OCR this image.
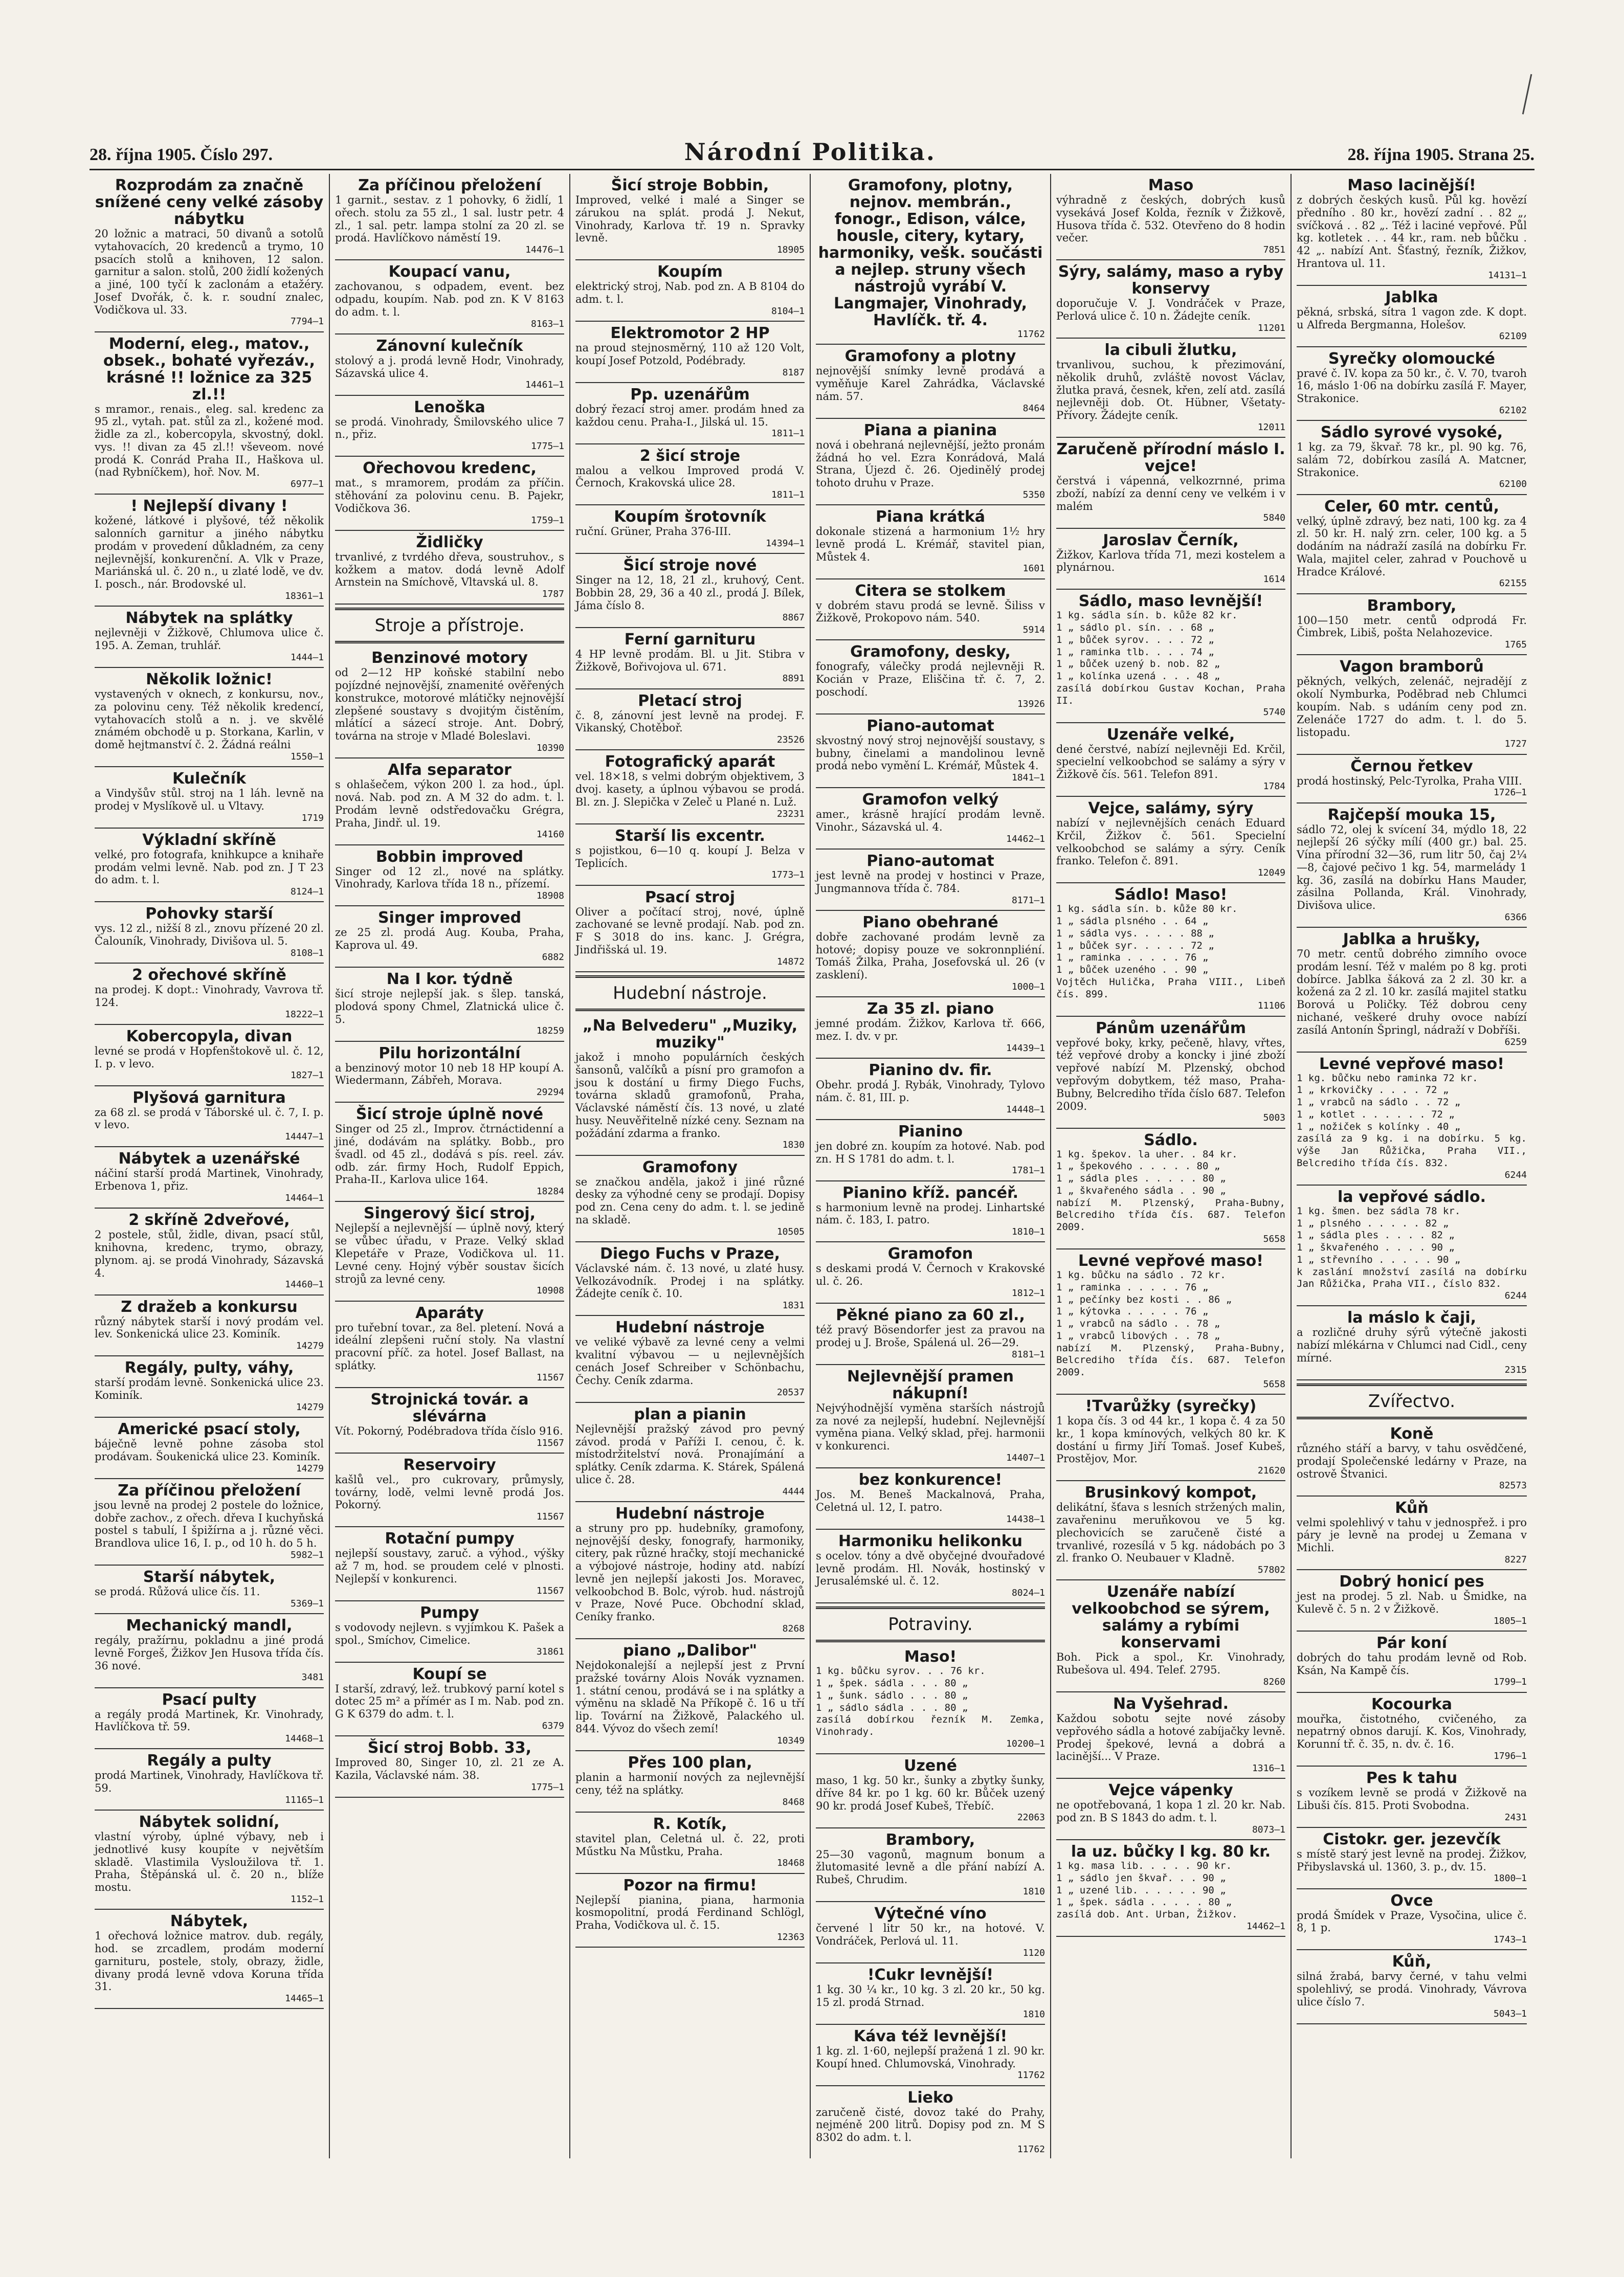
28. října 1905. Číslo 297.	Národní Politika.	28. října 1905. Strana 25.
Rozprodám za značně snížené ceny velké zásoby nábytku
20 ložnic a matraci, 50 divanů a sotolů vytahovacích, 20 kredenců a trymo, 10 psacích stolů a knihoven, 12 salon. garnitur a salon. stolů, 200 židlí kožených a jiné, 100 tyčí k zaclonám a etažéry. Josef Dvořák, č. k. r. soudní znalec, Vodičkova ul. 33.
7794—1
Moderní, eleg., matov., obsek., bohaté vyřezáv., krásné !! ložnice za 325 zl.!!
s mramor., renais., eleg. sal. kredenc za 95 zl., vytah. pat. stůl za zl., kožené mod. židle za zl., kobercopyla, skvostný, dokl. vys. !! divan za 45 zl.!! vševeom. nové prodá K. Conrád Praha II., Haškova ul. (nad Rybníčkem), hoř. Nov. M.
6977—1
! Nejlepší divany !
kožené, látkové i plyšové, též několik salonních garnitur a jiného nábytku prodám v provedení důkladném, za ceny nejlevnější, konkurenční. A. Vlk v Praze, Mariánská ul. č. 20 n., u zlaté lodě, ve dv. I. posch., nár. Brodovské ul.
18361—1
Nábytek na splátky
nejlevněji v Žižkově, Chlumova ulice č. 195. A. Zeman, truhlář.
1444—1
Několik ložnic!
vystavených v oknech, z konkursu, nov., za polovinu ceny. Též několik kredencí, vytahovacích stolů a n. j. ve skvělé známém obchodě u p. Storkana, Karlin, v domě hejtmanství č. 2. Žádná reálni
1550—1
Kulečník
a Vindyšův stůl. stroj na 1 láh. levně na prodej v Myslíkově ul. u Vltavy.
1719
Výkladní skříně
velké, pro fotografa, knihkupce a knihaře prodám velmi levně. Nab. pod zn. J T 23 do adm. t. l.
8124—1
Pohovky starší
vys. 12 zl., nižší 8 zl., znovu přízené 20 zl. Čalouník, Vinohrady, Divišova ul. 5.
8108—1
2 ořechové skříně
na prodej. K dopt.: Vinohrady, Vavrova tř. 124.
18222—1
Kobercopyla, divan
levné se prodá v Hopfenštokově ul. č. 12, I. p. v levo.
1827—1
Plyšová garnitura
za 68 zl. se prodá v Táborské ul. č. 7, I. p. v levo.
14447—1
Nábytek a uzenářské
náčiní starší prodá Martinek, Vinohrady, Erbenova 1, přiz.
14464—1
2 skříně 2dveřové,
2 postele, stůl, židle, divan, psací stůl, knihovna, kredenc, trymo, obrazy, plynom. aj. se prodá Vinohrady, Sázavská 4.
14460—1
Z dražeb a konkursu
různý nábytek starší i nový prodám vel. lev. Sonkenická ulice 23. Kominík.
14279
Regály, pulty, váhy,
starší prodám levně. Sonkenická ulice 23. Kominík.
14279
Americké psací stoly,
báječně levně pohne zásoba stol prodávam. Šoukenická ulice 23. Kominík.
14279
Za příčinou přeložení
jsou levně na prodej 2 postele do ložnice, dobře zachov., z ořech. dřeva I kuchyňská postel s tabulí, I špižírna a j. různé věci. Brandlova ulice 16, I. p., od 10 h. do 5 h.
5982—1
Starší nábytek,
se prodá. Růžová ulice čís. 11.
5369—1
Mechanický mandl,
regály, pražírnu, pokladnu a jiné prodá levně Forgeš, Žižkov Jen Husova třída čís. 36 nové.
3481
Psací pulty
a regály prodá Martinek, Kr. Vinohrady, Havlíčkova tř. 59.
14468—1
Regály a pulty
prodá Martinek, Vinohrady, Havlíčkova tř. 59.
11165—1
Nábytek solidní,
vlastní výroby, úplné výbavy, neb i jednotlivé kusy koupíte v největším skladě. Vlastimila Vysloužilova tř. 1. Praha, Štěpánská ul. č. 20 n., blíže mostu.
1152—1
Nábytek,
1 ořechová ložnice matrov. dub. regály, hod. se zrcadlem, prodám moderní garnituru, postele, stoly, obrazy, židle, divany prodá levně vdova Koruna třída 31.
14465—1
Za příčinou přeložení
1 garnit., sestav. z 1 pohovky, 6 židlí, 1 ořech. stolu za 55 zl., 1 sal. lustr petr. 4 zl., 1 sal. petr. lampa stolní za 20 zl. se prodá. Havlíčkovo náměstí 19.
14476—1
Koupací vanu,
zachovanou, s odpadem, event. bez odpadu, koupím. Nab. pod zn. K V 8163 do adm. t. l.
8163—1
Zánovní kulečník
stolový a j. prodá levně Hodr, Vinohrady, Sázavská ulice 4.
14461—1
Lenoška
se prodá. Vinohrady, Šmilovského ulice 7 n., přiz.
1775—1
Ořechovou kredenc,
mat., s mramorem, prodám za příčin. stěhování za polovinu cenu. B. Pajekr, Vodičkova 36.
1759—1
Židličky
trvanlivé, z tvrdého dřeva, soustruhov., s kožkem a matov. dodá levně Adolf Arnstein na Smíchově, Vltavská ul. 8.
1787
Stroje a přístroje.
Benzinové motory
od 2—12 HP koňské stabilní nebo pojízdné nejnovější, znamenité ověřených konstrukce, motorové mlátičky nejnovější zlepšené soustavy s dvojitým čistěním, mlátící a sázecí stroje. Ant. Dobrý, továrna na stroje v Mladé Boleslavi.
10390
Alfa separator
s ohlašečem, výkon 200 l. za hod., úpl. nová. Nab. pod zn. A M 32 do adm. t. l. Prodám levně odstředovačku Grégra, Praha, Jindř. ul. 19.
14160
Bobbin improved
Singer od 12 zl., nové na splátky. Vinohrady, Karlova třída 18 n., přízemí.
18908
Singer improved
ze 25 zl. prodá Aug. Kouba, Praha, Kaprova ul. 49.
6882
Na I kor. týdně
šicí stroje nejlepší jak. s šlep. tanská, plodová spony Chmel, Zlatnická ulice č. 5.
18259
Pilu horizontální
a benzinový motor 10 neb 18 HP koupí A. Wiedermann, Zábřeh, Morava.
29294
Šicí stroje úplně nové
Singer od 25 zl., Improv. čtrnáctidenní a jiné, dodávám na splátky. Bobb., pro švadl. od 45 zl., dodává s pís. reel. záv. odb. zár. firmy Hoch, Rudolf Eppich, Praha-II., Karlova ulice 164.
18284
Singerový šicí stroj,
Nejlepší a nejlevnější — úplně nový, který se vůbec úřadu, v Praze. Velký sklad Klepetáře v Praze, Vodičkova ul. 11. Levné ceny. Hojný výběr soustav šicích strojů za levné ceny.
10908
Aparáty
pro tuřební tovar., za 8el. pletení. Nová a ideální zlepšeni ruční stoly. Na vlastní pracovní příč. za hotel. Josef Ballast, na splátky.
11567
Strojnická továr. a slévárna
Vít. Pokorný, Podébradova třída číslo 916.
11567
Reservoiry
kašlů vel., pro cukrovary, průmysly, továrny, lodě, velmi levně prodá Jos. Pokorný.
11567
Rotační pumpy
nejlepší soustavy, zaruč. a výhod., výšky až 7 m, hod. se proudem celé v plnosti. Nejlepší v konkurenci.
11567
Pumpy
s vodovody nejlevn. s vyjímkou K. Pašek a spol., Smíchov, Cimelice.
31861
Koupí se
I starší, zdravý, lež. trubkový parní kotel s dotec 25 m² a přímér as I m. Nab. pod zn. G K 6379 do adm. t. l.
6379
Šicí stroj Bobb. 33,
Improved 80, Singer 10, zl. 21 ze A. Kazila, Václavské nám. 38.
1775—1
Šicí stroje Bobbin,
Improved, velké i malé a Singer se zárukou na splát. prodá J. Nekut, Vinohrady, Karlova tř. 19 n. Spravky levně.
18905
Koupím
elektrický stroj, Nab. pod zn. A B 8104 do adm. t. l.
8104—1
Elektromotor 2 HP
na proud stejnosměrný, 110 až 120 Volt, koupí Josef Potzold, Podébrady.
8187
Pp. uzenářům
dobrý řezací stroj amer. prodám hned za každou cenu. Praha-I., Jilská ul. 15.
1811—1
2 šicí stroje
malou a velkou Improved prodá V. Černoch, Krakovská ulice 28.
1811—1
Koupím šrotovník
ruční. Grüner, Praha 376-III.
14394—1
Šicí stroje nové
Singer na 12, 18, 21 zl., kruhový, Cent. Bobbin 28, 29, 36 a 40 zl., prodá J. Bílek, Jáma číslo 8.
8867
Ferní garnituru
4 HP levně prodám. Bl. u Jit. Stibra v Žižkově, Bořivojova ul. 671.
8891
Pletací stroj
č. 8, zánovní jest levně na prodej. F. Vikanský, Chotěboř.
23526
Fotografický aparát
vel. 18×18, s velmi dobrým objektivem, 3 dvoj. kasety, a úplnou výbavou se prodá. Bl. zn. J. Slepička v Zeleč u Plané n. Luž.
23231
Starší lis excentr.
s pojistkou, 6—10 q. koupí J. Belza v Teplicích.
1773—1
Psací stroj
Oliver a počítací stroj, nové, úplně zachované se levně prodají. Nab. pod zn. F S 3018 do ins. kanc. J. Grégra, Jindřišská ul. 19.
14872
Hudební nástroje.
„Na Belvederu" „Muziky, muziky"
jakož i mnoho populárních českých šansonů, valčíků a písní pro gramofon a jsou k dostání u firmy Diego Fuchs, továrna skladů gramofonů, Praha, Václavské náměstí čís. 13 nové, u zlaté husy. Neuvěřitelně nízké ceny. Seznam na požádání zdarma a franko.
1830
Gramofony
se značkou anděla, jakož i jiné různé desky za výhodné ceny se prodají. Dopisy pod zn. Cena ceny do adm. t. l. se jedině na skladě.
10505
Diego Fuchs v Praze,
Václavské nám. č. 13 nové, u zlaté husy. Velkozávodník. Prodej i na splátky. Žádejte ceník č. 10.
1831
Hudební nástroje
ve veliké výbavě za levné ceny a velmi kvalitní výbavou — u nejlevnějších cenách Josef Schreiber v Schönbachu, Čechy. Ceník zdarma.
20537
plan a pianin
Nejlevnější pražský závod pro pevný závod. prodá v Paříži I. cenou, č. k. místodržitelství nová. Pronajímání a splátky. Ceník zdarma. K. Stárek, Spálená ulice č. 28.
4444
Hudební nástroje
a struny pro pp. hudebníky, gramofony, nejnovější desky, fonografy, harmoniky, citery, pak různé hračky, stojí mechanické a výbojové nástroje, hodiny atd. nabízí levně jen nejlepší jakosti Jos. Moravec, velkoobchod B. Bolc, výrob. hud. nástrojů v Praze, Nové Puce. Obchodní sklad, Ceníky franko.
8268
piano „Dalibor"
Nejdokonalejší a nejlepší jest z První pražské továrny Alois Novák vyznamen. 1. státní cenou, prodává se i na splátky a výměnu na skladě Na Příkopě č. 16 u tří lip. Tovární na Žižkově, Palackého ul. 844. Vývoz do všech zemí!
10349
Přes 100 plan,
planin a harmonií nových za nejlevnější ceny, též na splátky.
8468
R. Kotík,
stavitel plan, Celetná ul. č. 22, proti Műstku Na Můstku, Praha.
18468
Pozor na firmu!
Nejlepší pianina, piana, harmonia kosmopolitní, prodá Ferdinand Schlögl, Praha, Vodičkova ul. č. 15.
12363
Gramofony, plotny, nejnov. membrán., fonogr., Edison, válce, housle, citery, kytary, harmoniky, vešk. součásti a nejlep. struny všech nástrojů vyrábí V. Langmajer, Vinohrady, Havlíčk. tř. 4.
11762
Gramofony a plotny
nejnovější snímky levně prodává a vyměňuje Karel Zahrádka, Václavské nám. 57.
8464
Piana a pianina
nová i obehraná nejlevnější, ježto pronám žádná ho vel. Ezra Konrádová, Malá Strana, Újezd č. 26. Ojedinělý prodej tohoto druhu v Praze.
5350
Piana krátká
dokonale stizená a harmonium 1½ hry levně prodá L. Krémář, stavitel pian, Můstek 4.
1601
Citera se stolkem
v dobrém stavu prodá se levně. Šiliss v Žižkově, Prokopovo nám. 540.
5914
Gramofony, desky,
fonografy, válečky prodá nejlevněji R. Kocián v Praze, Eliščina tř. č. 7, 2. poschodí.
13926
Piano-automat
skvostný nový stroj nejnovější soustavy, s bubny, činelami a mandolinou levně prodá nebo vymění L. Krémář, Můstek 4.
1841—1
Gramofon velký
amer., krásně hrající prodám levně. Vinohr., Sázavská ul. 4.
14462—1
Piano-automat
jest levně na prodej v hostinci v Praze, Jungmannova třída č. 784.
8171—1
Piano obehrané
dobře zachované prodám levně za hotové; dopisy pouze ve sokronnpliéní. Tomáš Žilka, Praha, Josefovská ul. 26 (v zasklení).
1000—1
Za 35 zl. piano
jemné prodám. Žižkov, Karlova tř. 666, mez. I. dv. v pr.
14439—1
Pianino dv. fir.
Obehr. prodá J. Rybák, Vinohrady, Tylovo nám. č. 81, III. p.
14448—1
Pianino
jen dobré zn. koupím za hotové. Nab. pod zn. H S 1781 do adm. t. l.
1781—1
Pianino kříž. pancéř.
s harmonium levně na prodej. Linhartské nám. č. 183, I. patro.
1810—1
Gramofon
s deskami prodá V. Černoch v Krakovské ul. č. 26.
1812—1
Pěkné piano za 60 zl.,
též pravý Bösendorfer jest za pravou na prodej u J. Broše, Spálená ul. 26—29.
8181—1
Nejlevnější pramen nákupní!
Nejvýhodnější vyměna starších nástrojů za nové za nejlepší, hudební. Nejlevnější vyměna piana. Velký sklad, přej. harmonii v konkurenci.
14407—1
bez konkurence!
Jos. M. Beneš Mackalnová, Praha, Celetná ul. 12, I. patro.
14438—1
Harmoniku helikonku
s ocelov. tóny a dvě obyčejné dvouřadové levně prodám. Hl. Novák, hostinský v Jerusalémské ul. č. 12.
8024—1
Potraviny.
Maso!
1 kg. bůčku syrov. . . 76 kr.
1 „ špek. sádla . . . 80 „
1 „ šunk. sádlo . . . 80 „
1 „ sádlo sádla . . . 80 „
zasílá dobírkou řezník M. Zemka, Vinohrady.
10200—1
Uzené
maso, 1 kg. 50 kr., šunky a zbytky šunky, dříve 84 kr. po 1 kg. 60 kr. Bůček uzený 90 kr. prodá Josef Kubeš, Třebíč.
22063
Brambory,
25—30 vagonů, magnum bonum a žlutomasité levně a dle přání nabízí A. Rubeš, Chrudim.
1810
Výtečné víno
červené l litr 50 kr., na hotové. V. Vondráček, Perlová ul. 11.
1120
!Cukr levnější!
1 kg. 30 ¼ kr., 10 kg. 3 zl. 20 kr., 50 kg. 15 zl. prodá Strnad.
1810
Káva též levnější!
1 kg. zl. 1·60, nejlepší pražená 1 zl. 90 kr. Koupí hned. Chlumovská, Vinohrady.
11762
Lieko
zaručeně čisté, dovoz také do Prahy, nejméně 200 litrů. Dopisy pod zn. M S 8302 do adm. t. l.
11762
Maso
výhradně z českých, dobrých kusů vysekává Josef Kolda, řezník v Žižkově, Husova třída č. 532. Otevřeno do 8 hodin večer.
7851
Sýry, salámy, maso a ryby konservy
doporučuje V. J. Vondráček v Praze, Perlová ulice č. 10 n. Žádejte ceník.
11201
la cibuli žlutku,
trvanlivou, suchou, k přezimování, několik druhů, zvláště novost Václav, žlutka pravá, česnek, křen, zelí atd. zasílá nejlevněji dob. Ot. Hübner, Všetaty-Přívory. Žádejte ceník.
12011
Zaručeně přírodní máslo I. vejce!
čerstvá i vápenná, velkozrnné, prima zboží, nabízí za denní ceny ve velkém i v malém
5840
Jaroslav Černík,
Žižkov, Karlova třída 71, mezi kostelem a plynárnou.
1614
Sádlo, maso levnější!
1 kg. sádla sín. b. kůže 82 kr.
1 „ sádlo pl. sín. . . 68 „
1 „ bůček syrov. . . . 72 „
1 „ raminka tlb. . . . 74 „
1 „ bůček uzený b. nob. 82 „
1 „ kolínka uzená . . . 48 „
zasílá dobírkou Gustav Kochan, Praha II.
5740
Uzenáře velké,
dené čerstvé, nabízí nejlevněji Ed. Krčil, specielní velkoobchod se salámy a sýry v Žižkově čís. 561. Telefon 891.
1784
Vejce, salámy, sýry
nabízí v nejlevnějších cenách Eduard Krčil, Žižkov č. 561. Specielní velkoobchod se salámy a sýry. Ceník franko. Telefon č. 891.
12049
Sádlo! Maso!
1 kg. sádla sín. b. kůže 80 kr.
1 „ sádla plsného . . 64 „
1 „ sádla vys. . . . . 88 „
1 „ bůček syr. . . . . 72 „
1 „ raminka . . . . . 76 „
1 „ bůček uzeného . . 90 „
Vojtěch Hulička, Praha VIII., Libeň čís. 899.
11106
Pánům uzenářům
vepřové boky, krky, pečeně, hlavy, vřtes, též vepřové droby a koncky i jiné zboží vepřové nabízí M. Plzenský, obchod vepřovým dobytkem, též maso, Praha-Bubny, Belcrediho třída číslo 687. Telefon 2009.
5003
Sádlo.
1 kg. špekov. la uher. . 84 kr.
1 „ špekového . . . . . 80 „
1 „ sádla ples . . . . . 80 „
1 „ škvařeného sádla . . 90 „
nabízí M. Plzenský, Praha-Bubny, Belcrediho třída čís. 687. Telefon 2009.
5658
Levné vepřové maso!
1 kg. bůčku na sádlo . 72 kr.
1 „ raminka . . . . . 76 „
1 „ pečínky bez kosti . . 86 „
1 „ kýtovka . . . . . 76 „
1 „ vrabců na sádlo . . 78 „
1 „ vrabců libových . . 78 „
nabízí M. Plzenský, Praha-Bubny, Belcrediho třída čís. 687. Telefon 2009.
5658
!Tvarůžky (syrečky)
1 kopa čís. 3 od 44 kr., 1 kopa č. 4 za 50 kr., 1 kopa kmínových, velkých 80 kr. K dostání u firmy Jiří Tomaš. Josef Kubeš, Prostějov, Mor.
21620
Brusinkový kompot,
delikátní, šťava s lesních stržených malin, zavařeninu meruňkovou ve 5 kg. plechovicích se zaručeně čisté a trvanlivé, rozesílá v 5 kg. nádobách po 3 zl. franko O. Neubauer v Kladně.
57802
Uzenáře nabízí velkoobchod se sýrem, salámy a rybími konservami
Boh. Pick a spol., Kr. Vinohrady, Rubešova ul. 494. Telef. 2795.
8260
Na Vyšehrad.
Každou sobotu sejte nové zásoby vepřového sádla a hotové zabíjačky levně. Prodej špekové, levná a dobrá a lacinější... V Praze.
1316—1
Vejce vápenky
ne opotřebovaná, 1 kopa 1 zl. 20 kr. Nab. pod zn. B S 1843 do adm. t. l.
8073—1
la uz. bůčky l kg. 80 kr.
1 kg. masa lib. . . . . 90 kr.
1 „ sádlo jen škvař. . . 90 „
1 „ uzené lib. . . . . . 90 „
1 „ špek. sádla . . . . . 80 „
zasílá dob. Ant. Urban, Žižkov.
14462—1
Maso lacinější!
z dobrých českých kusů. Půl kg. hovězí předního . 80 kr., hovězí zadní . . 82 „, svíčková . . 82 „. Též i laciné vepřové. Půl kg. kotletek . . . 44 kr., ram. neb bůčku . 42 „. nabízí Ant. Šťastný, řezník, Žižkov, Hrantova ul. 11.
14131—1
Jablka
pěkná, srbská, sítra 1 vagon zde. K dopt. u Alfreda Bergmanna, Holešov.
62109
Syrečky olomoucké
pravé č. IV. kopa za 50 kr., č. V. 70, tvaroh 16, máslo 1·06 na dobírku zasílá F. Mayer, Strakonice.
62102
Sádlo syrové vysoké,
1 kg. za 79, škvař. 78 kr., pl. 90 kg. 76, salám 72, dobírkou zasílá A. Matcner, Strakonice.
62100
Celer, 60 mtr. centů,
velký, úplně zdravý, bez nati, 100 kg. za 4 zl. 50 kr. H. nalý zrn. celer, 100 kg. a 5 dodáním na nádraží zasílá na dobírku Fr. Wala, majitel celer, zahrad v Pouchově u Hradce Králové.
62155
Brambory,
100—150 metr. centů odprodá Fr. Čimbrek, Libiš, pošta Nelahozevice.
1765
Vagon bramborů
pěkných, velkých, zelenáč, nejradějí z okolí Nymburka, Poděbrad neb Chlumci koupím. Nab. s udáním ceny pod zn. Zelenáče 1727 do adm. t. l. do 5. listopadu.
1727
Černou řetkev
prodá hostinský, Pelc-Tyrolka, Praha VIII.
1726—1
Rajčepší mouka 15,
sádlo 72, olej k svícení 34, mýdlo 18, 22 nejlepší 26 sýčky mílí (400 gr.) bal. 25. Vína přírodní 32—36, rum litr 50, čaj 2¼—8, čajové pečivo 1 kg. 54, marmelády 1 kg. 36, zasílá na dobírku Hans Mauder, zásilna Pollanda, Král. Vinohrady, Divišova ulice.
6366
Jablka a hrušky,
70 metr. centů dobrého zimního ovoce prodám lesní. Též v malém po 8 kg. proti dobírce. Jablka šáková za 2 zl. 30 kr. a kožená za 2 zl. 10 kr. zasílá majitel statku Borová u Poličky. Též dobrou ceny nichané, veškeré druhy ovoce nabízí zasílá Antonín Špringl, nádraží v Dobříši.
6259
Levné vepřové maso!
1 kg. bůčku nebo raminka 72 kr.
1 „ krkovičky . . . . 72 „
1 „ vrabců na sádlo . . 72 „
1 „ kotlet . . . . . . 72 „
1 „ nožiček s kolínky . 40 „
zasílá za 9 kg. i na dobírku. 5 kg. výše Jan Růžička, Praha VII., Belcrediho třída čís. 832.
6244
la vepřové sádlo.
1 kg. šmen. bez sádla 78 kr.
1 „ plsného . . . . . 82 „
1 „ sádla ples . . . . 82 „
1 „ škvařeného . . . . 90 „
1 „ střevního . . . . . 90 „
k zaslání množství zasílá na dobírku Jan Růžička, Praha VII., číslo 832.
6244
la máslo k čaji,
a rozličné druhy sýrů výtečně jakosti nabízí mlékárna v Chlumci nad Cidl., ceny mírné.
2315
Zvířectvo.
Koně
různého stáří a barvy, v tahu osvědčené, prodají Společenské ledárny v Praze, na ostrově Štvanici.
82573
Kůň
velmi spolehlivý v tahu v jednospřež. i pro páry je levně na prodej u Zemana v Michli.
8227
Dobrý honicí pes
jest na prodej. 5 zl. Nab. u Šmidke, na Kulevě č. 5 n. 2 v Žižkově.
1805—1
Pár koní
dobrých do tahu prodám levně od Rob. Ksán, Na Kampě čís.
1799—1
Kocourka
mouřka, čistotného, cvičeného, za nepatrný obnos darují. K. Kos, Vinohrady, Korunní tř. č. 35, n. dv. č. 16.
1796—1
Pes k tahu
s vozíkem levně se prodá v Žižkově na Libuši čís. 815. Proti Svobodna.
2431
Cistokr. ger. jezevčík
s místě starý jest levně na prodej. Žižkov, Přibyslavská ul. 1360, 3. p., dv. 15.
1800—1
Ovce
prodá Šmídek v Praze, Vysočina, ulice č. 8, 1 p.
1743—1
Kůň,
silná žrabá, barvy černé, v tahu velmi spolehlivý, se prodá. Vinohrady, Vávrova ulice číslo 7.
5043—1
